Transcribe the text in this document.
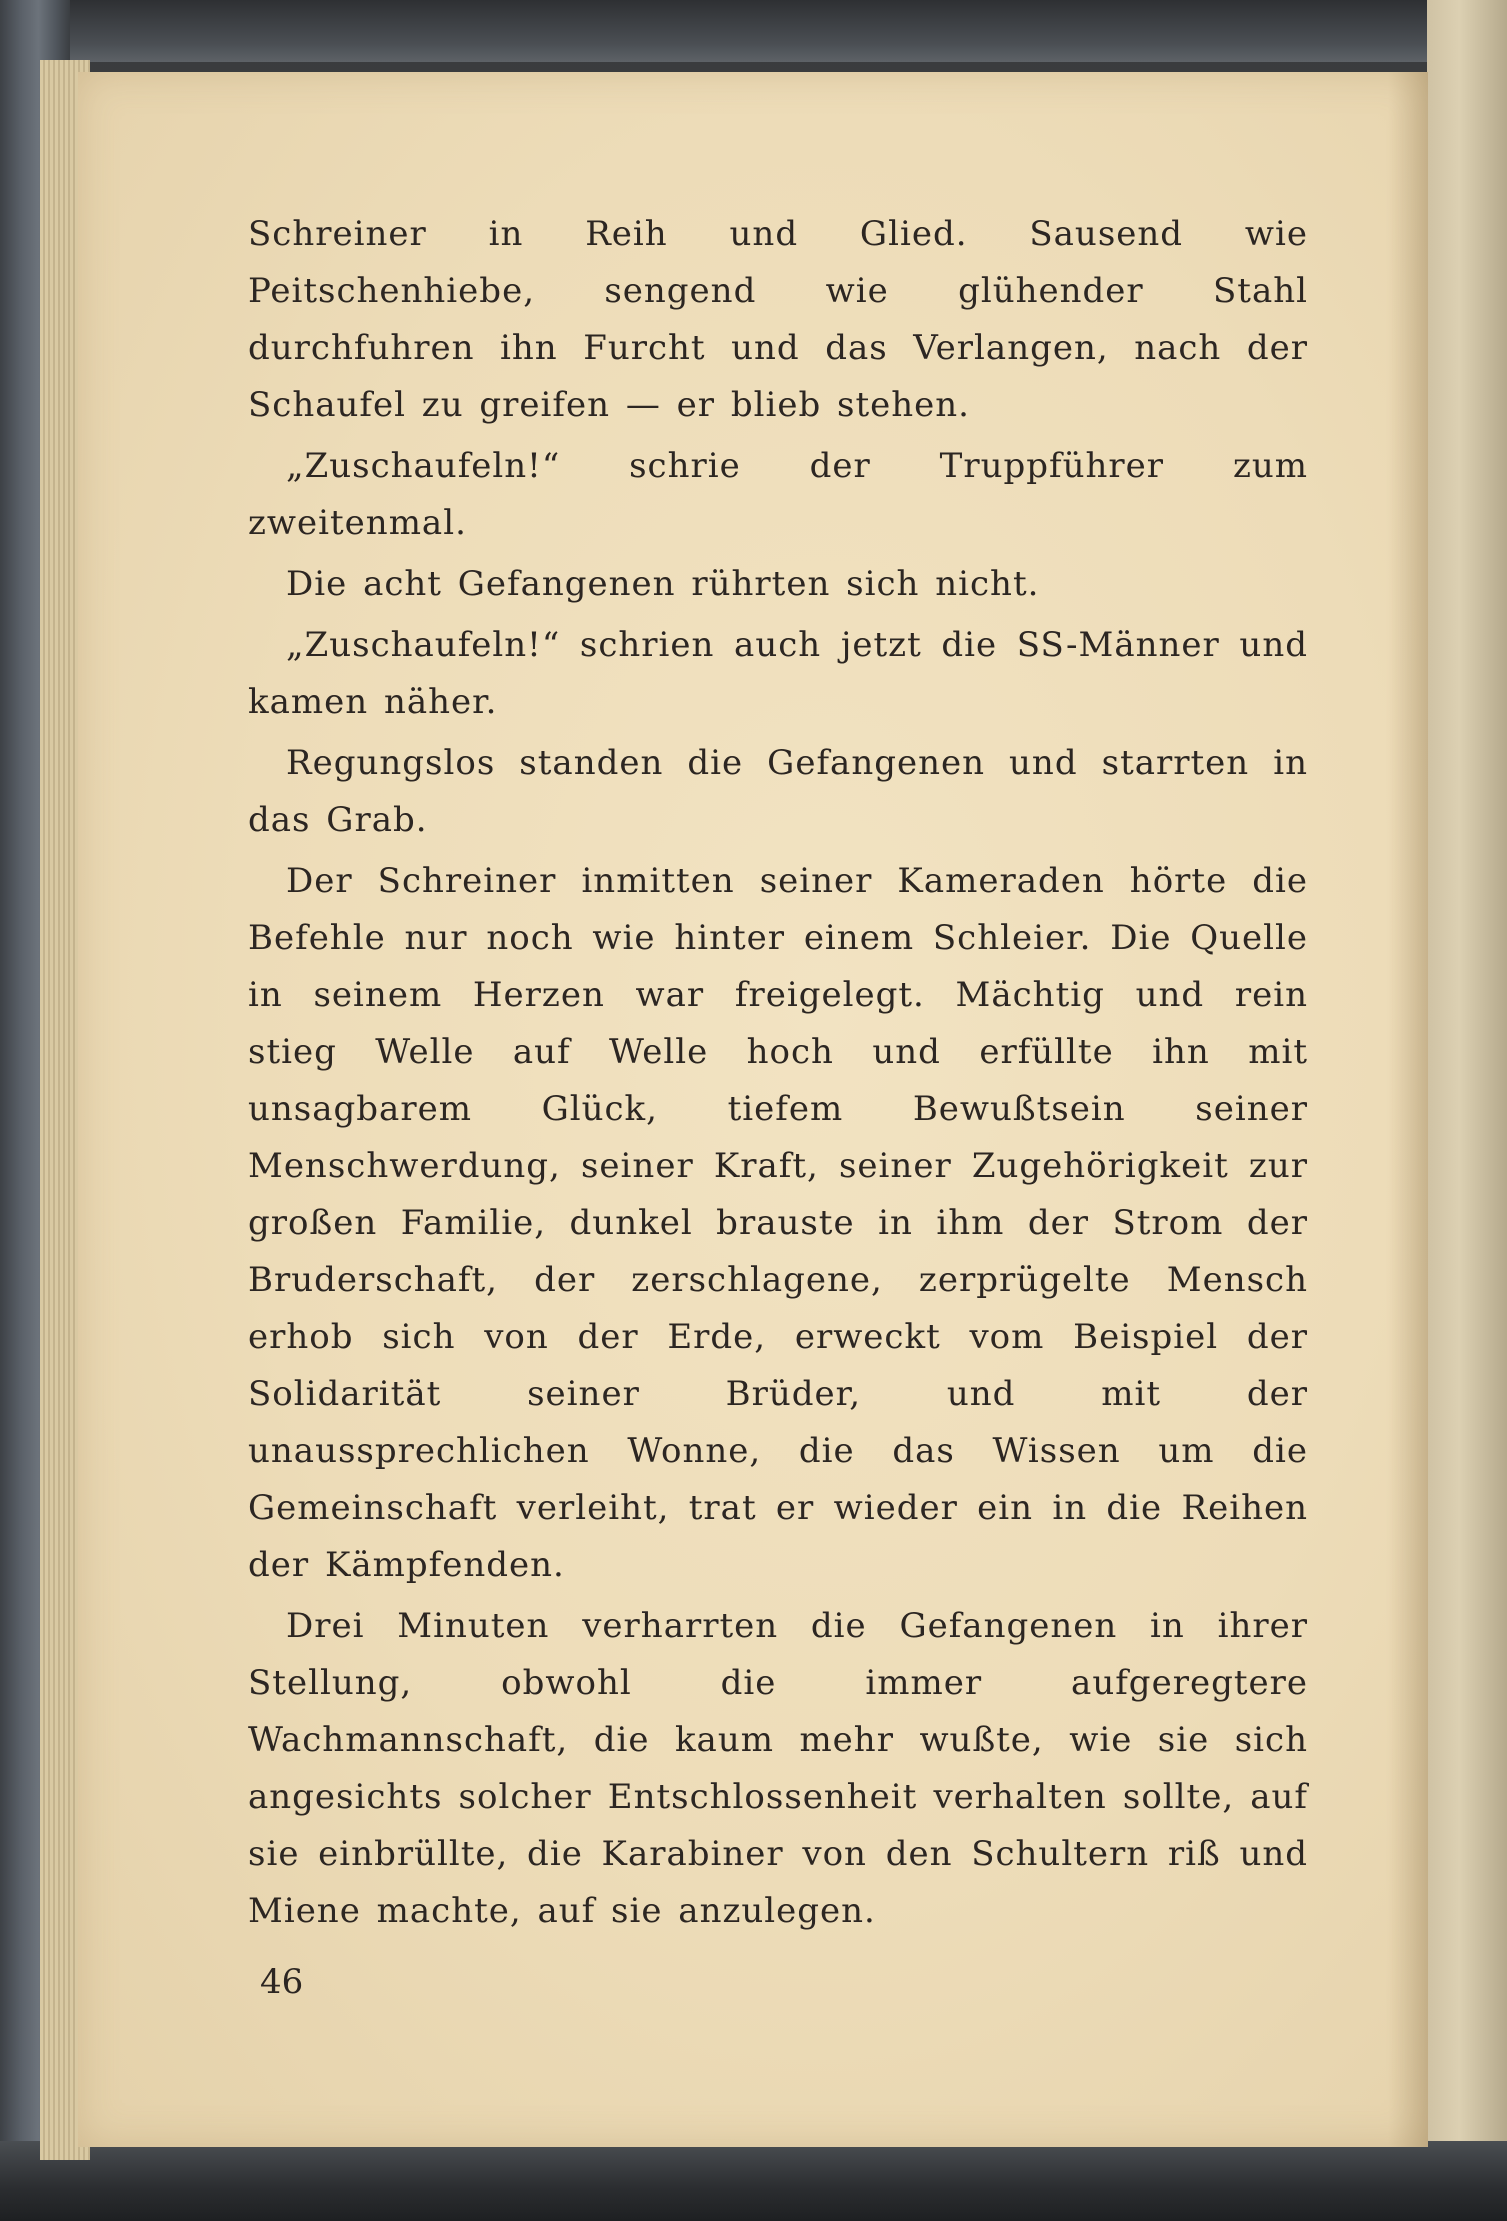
Schreiner in Reih und Glied. Sausend wie Peitschenhiebe, sengend wie glühender Stahl durchfuhren ihn Furcht und das Verlangen, nach der Schaufel zu greifen — er blieb stehen.

„Zuschaufeln!“ schrie der Truppführer zum zweitenmal.

Die acht Gefangenen rührten sich nicht.

„Zuschaufeln!“ schrien auch jetzt die SS-Männer und kamen näher.

Regungslos standen die Gefangenen und starrten in das Grab.

Der Schreiner inmitten seiner Kameraden hörte die Befehle nur noch wie hinter einem Schleier. Die Quelle in seinem Herzen war freigelegt. Mächtig und rein stieg Welle auf Welle hoch und erfüllte ihn mit unsagbarem Glück, tiefem Bewußtsein seiner Menschwerdung, seiner Kraft, seiner Zugehörigkeit zur großen Familie, dunkel brauste in ihm der Strom der Bruderschaft, der zerschlagene, zerprügelte Mensch erhob sich von der Erde, erweckt vom Beispiel der Solidarität seiner Brüder, und mit der unaussprechlichen Wonne, die das Wissen um die Gemeinschaft verleiht, trat er wieder ein in die Reihen der Kämpfenden.

Drei Minuten verharrten die Gefangenen in ihrer Stellung, obwohl die immer aufgeregtere Wachmannschaft, die kaum mehr wußte, wie sie sich angesichts solcher Entschlossenheit verhalten sollte, auf sie einbrüllte, die Karabiner von den Schultern riß und Miene machte, auf sie anzulegen.

46
